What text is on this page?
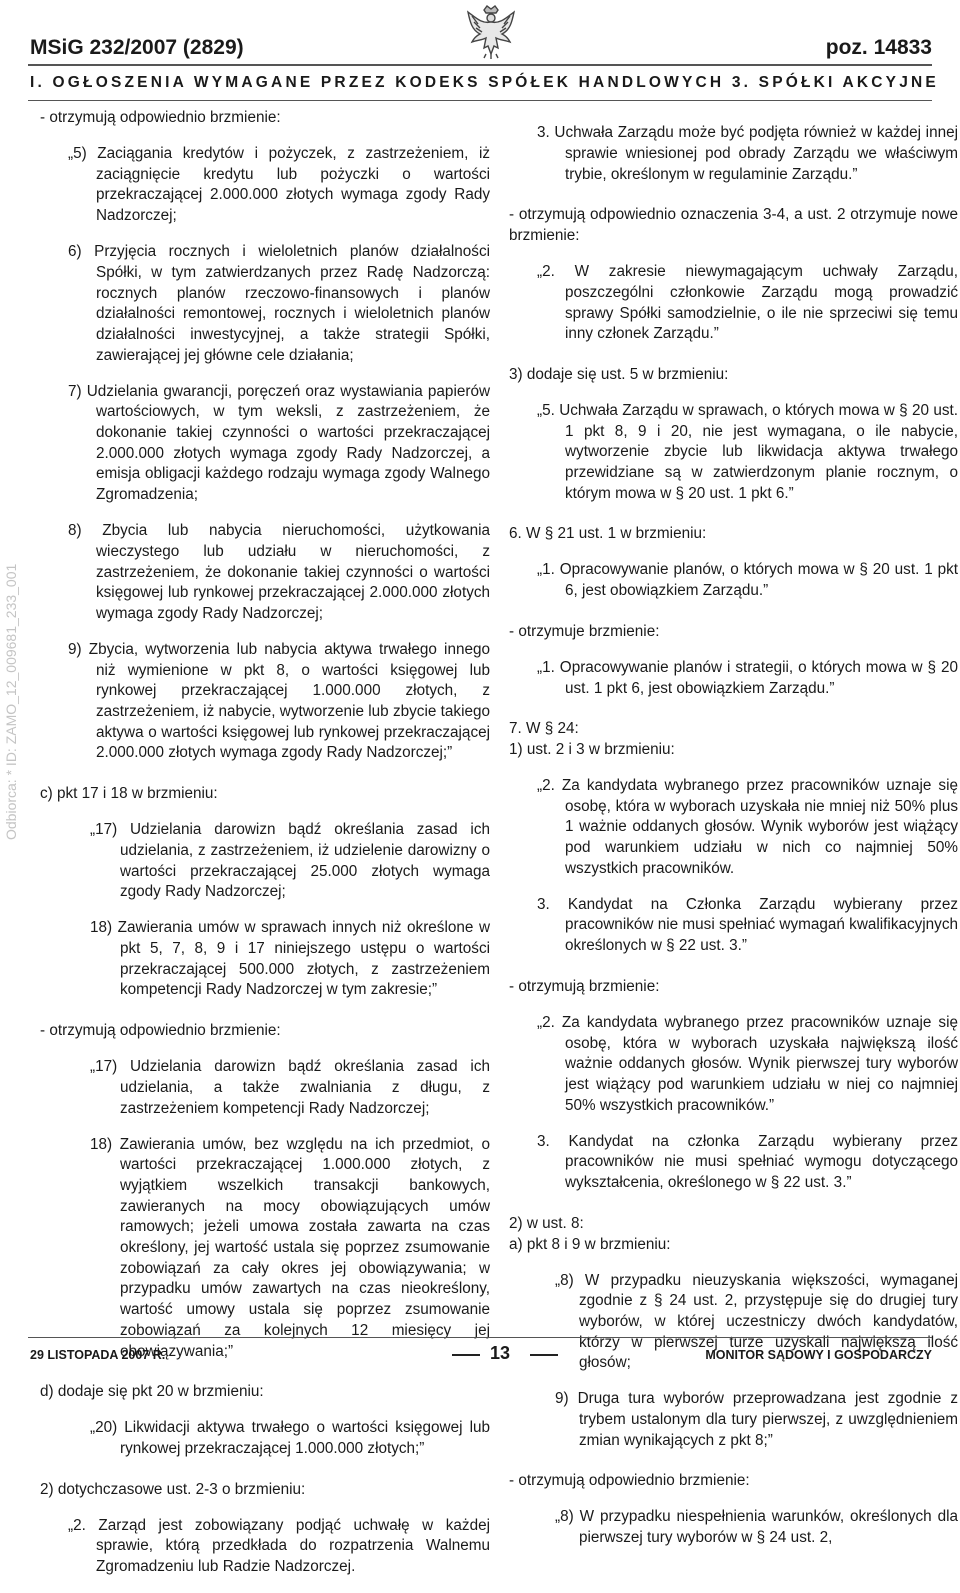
MSiG 232/2007 (2829)	poz. 14833
I. OGŁOSZENIA WYMAGANE PRZEZ KODEKS SPÓŁEK HANDLOWYCH 3. SPÓŁKI AKCYJNE
Odbiorca: * ID: ZAMO_12_009681_233_001

- otrzymują odpowiednio brzmienie:

„5) Zaciągania kredytów i pożyczek, z zastrzeżeniem, iż zaciągnięcie kredytu lub pożyczki o wartości przekraczającej 2.000.000 złotych wymaga zgody Rady Nadzorczej;

6) Przyjęcia rocznych i wieloletnich planów działalności Spółki, w tym zatwierdzanych przez Radę Nadzorczą: rocznych planów rzeczowo-finansowych i planów działalności remontowej, rocznych i wieloletnich planów działalności inwestycyjnej, a także strategii Spółki, zawierającej jej główne cele działania;

7) Udzielania gwarancji, poręczeń oraz wystawiania papierów wartościowych, w tym weksli, z zastrzeżeniem, że dokonanie takiej czynności o wartości przekraczającej 2.000.000 złotych wymaga zgody Rady Nadzorczej, a emisja obligacji każdego rodzaju wymaga zgody Walnego Zgromadzenia;

8) Zbycia lub nabycia nieruchomości, użytkowania wieczystego lub udziału w nieruchomości, z zastrzeżeniem, że dokonanie takiej czynności o wartości księgowej lub rynkowej przekraczającej 2.000.000 złotych wymaga zgody Rady Nadzorczej;

9) Zbycia, wytworzenia lub nabycia aktywa trwałego innego niż wymienione w pkt 8, o wartości księgowej lub rynkowej przekraczającej 1.000.000 złotych, z zastrzeżeniem, iż nabycie, wytworzenie lub zbycie takiego aktywa o wartości księgowej lub rynkowej przekraczającej 2.000.000 złotych wymaga zgody Rady Nadzorczej;”

c) pkt 17 i 18 w brzmieniu:

„17) Udzielania darowizn bądź określania zasad ich udzielania, z zastrzeżeniem, iż udzielenie darowizny o wartości przekraczającej 25.000 złotych wymaga zgody Rady Nadzorczej;

18) Zawierania umów w sprawach innych niż określone w pkt 5, 7, 8, 9 i 17 niniejszego ustępu o wartości przekraczającej 500.000 złotych, z zastrzeżeniem kompetencji Rady Nadzorczej w tym zakresie;”

- otrzymują odpowiednio brzmienie:

„17) Udzielania darowizn bądź określania zasad ich udzielania, a także zwalniania z długu, z zastrzeżeniem kompetencji Rady Nadzorczej;

18) Zawierania umów, bez względu na ich przedmiot, o wartości przekraczającej 1.000.000 złotych, z wyjątkiem wszelkich transakcji bankowych, zawieranych na mocy obowiązujących umów ramowych; jeżeli umowa została zawarta na czas określony, jej wartość ustala się poprzez zsumowanie zobowiązań za cały okres jej obowiązywania; w przypadku umów zawartych na czas nieokreślony, wartość umowy ustala się poprzez zsumowanie zobowiązań za kolejnych 12 miesięcy jej obowiązywania;”

d) dodaje się pkt 20 w brzmieniu:

„20) Likwidacji aktywa trwałego o wartości księgowej lub rynkowej przekraczającej 1.000.000 złotych;”

2) dotychczasowe ust. 2-3 o brzmieniu:

„2. Zarząd jest zobowiązany podjąć uchwałę w każdej sprawie, którą przedkłada do rozpatrzenia Walnemu Zgromadzeniu lub Radzie Nadzorczej.

3. Uchwała Zarządu może być podjęta również w każdej innej sprawie wniesionej pod obrady Zarządu we właściwym trybie, określonym w regulaminie Zarządu.”

- otrzymują odpowiednio oznaczenia 3-4, a ust. 2 otrzymuje nowe brzmienie:

„2. W zakresie niewymagającym uchwały Zarządu, poszczególni członkowie Zarządu mogą prowadzić sprawy Spółki samodzielnie, o ile nie sprzeciwi się temu inny członek Zarządu.”

3) dodaje się ust. 5 w brzmieniu:

„5. Uchwała Zarządu w sprawach, o których mowa w § 20 ust. 1 pkt 8, 9 i 20, nie jest wymagana, o ile nabycie, wytworzenie zbycie lub likwidacja aktywa trwałego przewidziane są w zatwierdzonym planie rocznym, o którym mowa w § 20 ust. 1 pkt 6.”

6. W § 21 ust. 1 w brzmieniu:

„1. Opracowywanie planów, o których mowa w § 20 ust. 1 pkt 6, jest obowiązkiem Zarządu.”

- otrzymuje brzmienie:

„1. Opracowywanie planów i strategii, o których mowa w § 20 ust. 1 pkt 6, jest obowiązkiem Zarządu.”

7. W § 24:

1) ust. 2 i 3 w brzmieniu:

„2. Za kandydata wybranego przez pracowników uznaje się osobę, która w wyborach uzyskała nie mniej niż 50% plus 1 ważnie oddanych głosów. Wynik wyborów jest wiążący pod warunkiem udziału w nich co najmniej 50% wszystkich pracowników.

3. Kandydat na Członka Zarządu wybierany przez pracowników nie musi spełniać wymagań kwalifikacyjnych określonych w § 22 ust. 3.”

- otrzymują brzmienie:

„2. Za kandydata wybranego przez pracowników uznaje się osobę, która w wyborach uzyskała największą ilość ważnie oddanych głosów. Wynik pierwszej tury wyborów jest wiążący pod warunkiem udziału w niej co najmniej 50% wszystkich pracowników.”

3. Kandydat na członka Zarządu wybierany przez pracowników nie musi spełniać wymogu dotyczącego wykształcenia, określonego w § 22 ust. 3.”

2) w ust. 8:

a) pkt 8 i 9 w brzmieniu:

„8) W przypadku nieuzyskania większości, wymaganej zgodnie z § 24 ust. 2, przystępuje się do drugiej tury wyborów, w której uczestniczy dwóch kandydatów, którzy w pierwszej turze uzyskali największą ilość głosów;

9) Druga tura wyborów przeprowadzana jest zgodnie z trybem ustalonym dla tury pierwszej, z uwzględnieniem zmian wynikających z pkt 8;”

- otrzymują odpowiednio brzmienie:

„8) W przypadku niespełnienia warunków, określonych dla pierwszej tury wyborów w § 24 ust. 2,

29 LISTOPADA 2007 R.	13	MONITOR SĄDOWY I GOSPODARCZY
